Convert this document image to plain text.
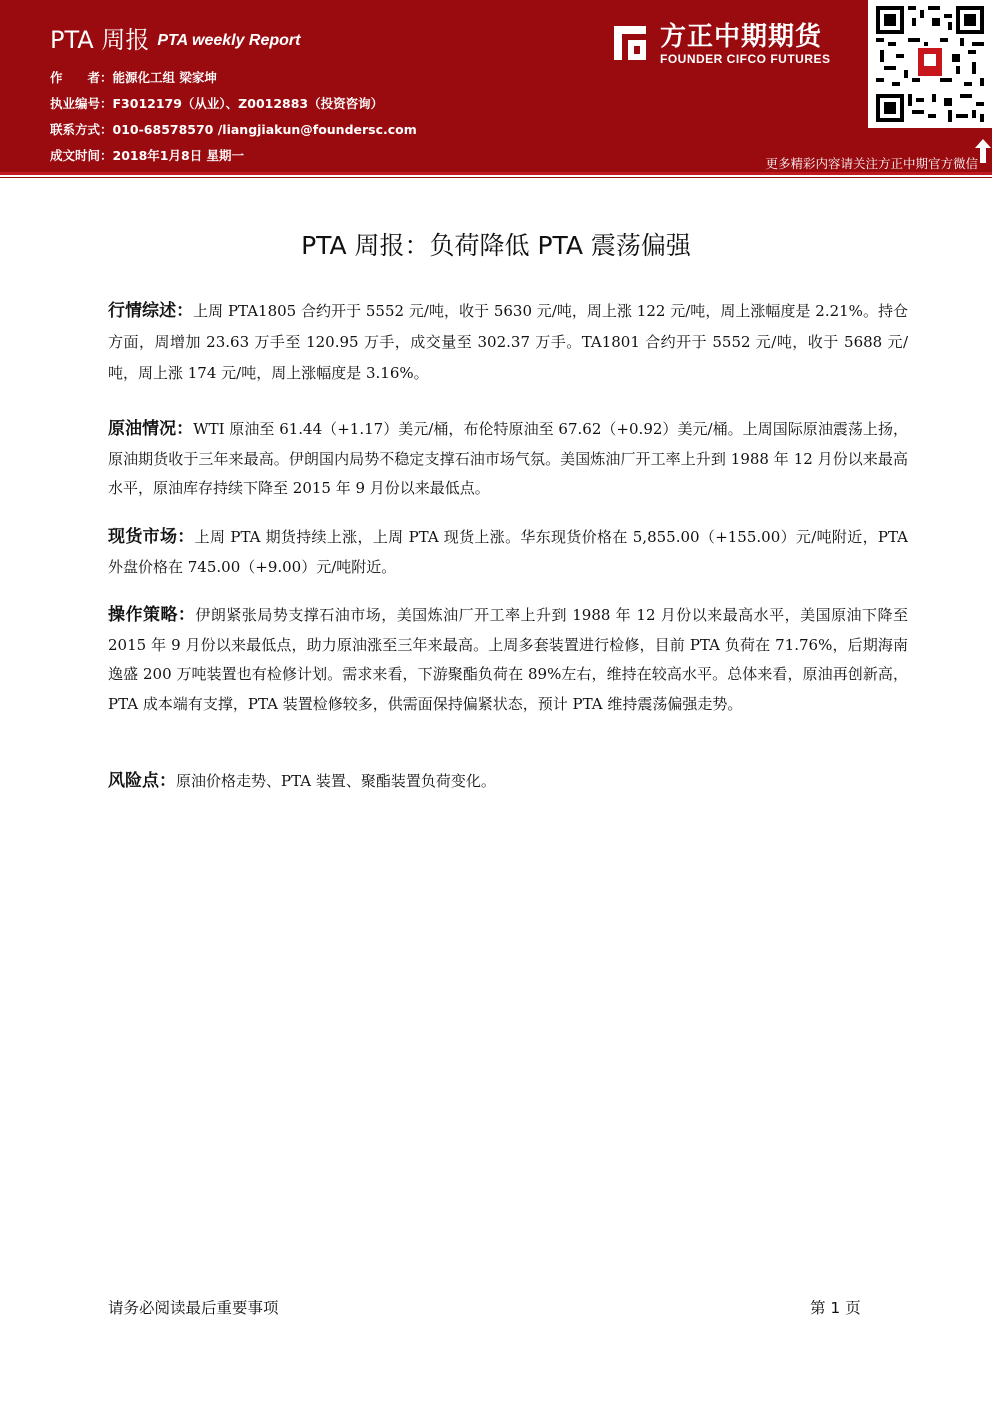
PTA 周报 PTA weekly Report
作　　者：能源化工组 梁家坤
执业编号：F3012179（从业）、Z0012883（投资咨询）
联系方式：010-68578570 /liangjiakun@foundersc.com
成文时间：2018年1月8日 星期一
方正中期期货
FOUNDER CIFCO FUTURES
更多精彩内容请关注方正中期官方微信
PTA 周报：负荷降低 PTA 震荡偏强
行情综述：上周 PTA1805 合约开于 5552 元/吨，收于 5630 元/吨，周上涨 122 元/吨，周上涨幅度是 2.21%。持仓方面，周增加 23.63 万手至 120.95 万手，成交量至 302.37 万手。TA1801 合约开于 5552 元/吨，收于 5688 元/吨，周上涨 174 元/吨，周上涨幅度是 3.16%。
原油情况：WTI 原油至 61.44（+1.17）美元/桶，布伦特原油至 67.62（+0.92）美元/桶。上周国际原油震荡上扬，原油期货收于三年来最高。伊朗国内局势不稳定支撑石油市场气氛。美国炼油厂开工率上升到 1988 年 12 月份以来最高水平，原油库存持续下降至 2015 年 9 月份以来最低点。
现货市场：上周 PTA 期货持续上涨，上周 PTA 现货上涨。华东现货价格在 5,855.00（+155.00）元/吨附近，PTA 外盘价格在 745.00（+9.00）元/吨附近。
操作策略：伊朗紧张局势支撑石油市场，美国炼油厂开工率上升到 1988 年 12 月份以来最高水平，美国原油下降至 2015 年 9 月份以来最低点，助力原油涨至三年来最高。上周多套装置进行检修，目前 PTA 负荷在 71.76%，后期海南逸盛 200 万吨装置也有检修计划。需求来看，下游聚酯负荷在 89%左右，维持在较高水平。总体来看，原油再创新高，PTA 成本端有支撑，PTA 装置检修较多，供需面保持偏紧状态，预计 PTA 维持震荡偏强走势。
风险点：原油价格走势、PTA 装置、聚酯装置负荷变化。
请务必阅读最后重要事项	第 1 页
